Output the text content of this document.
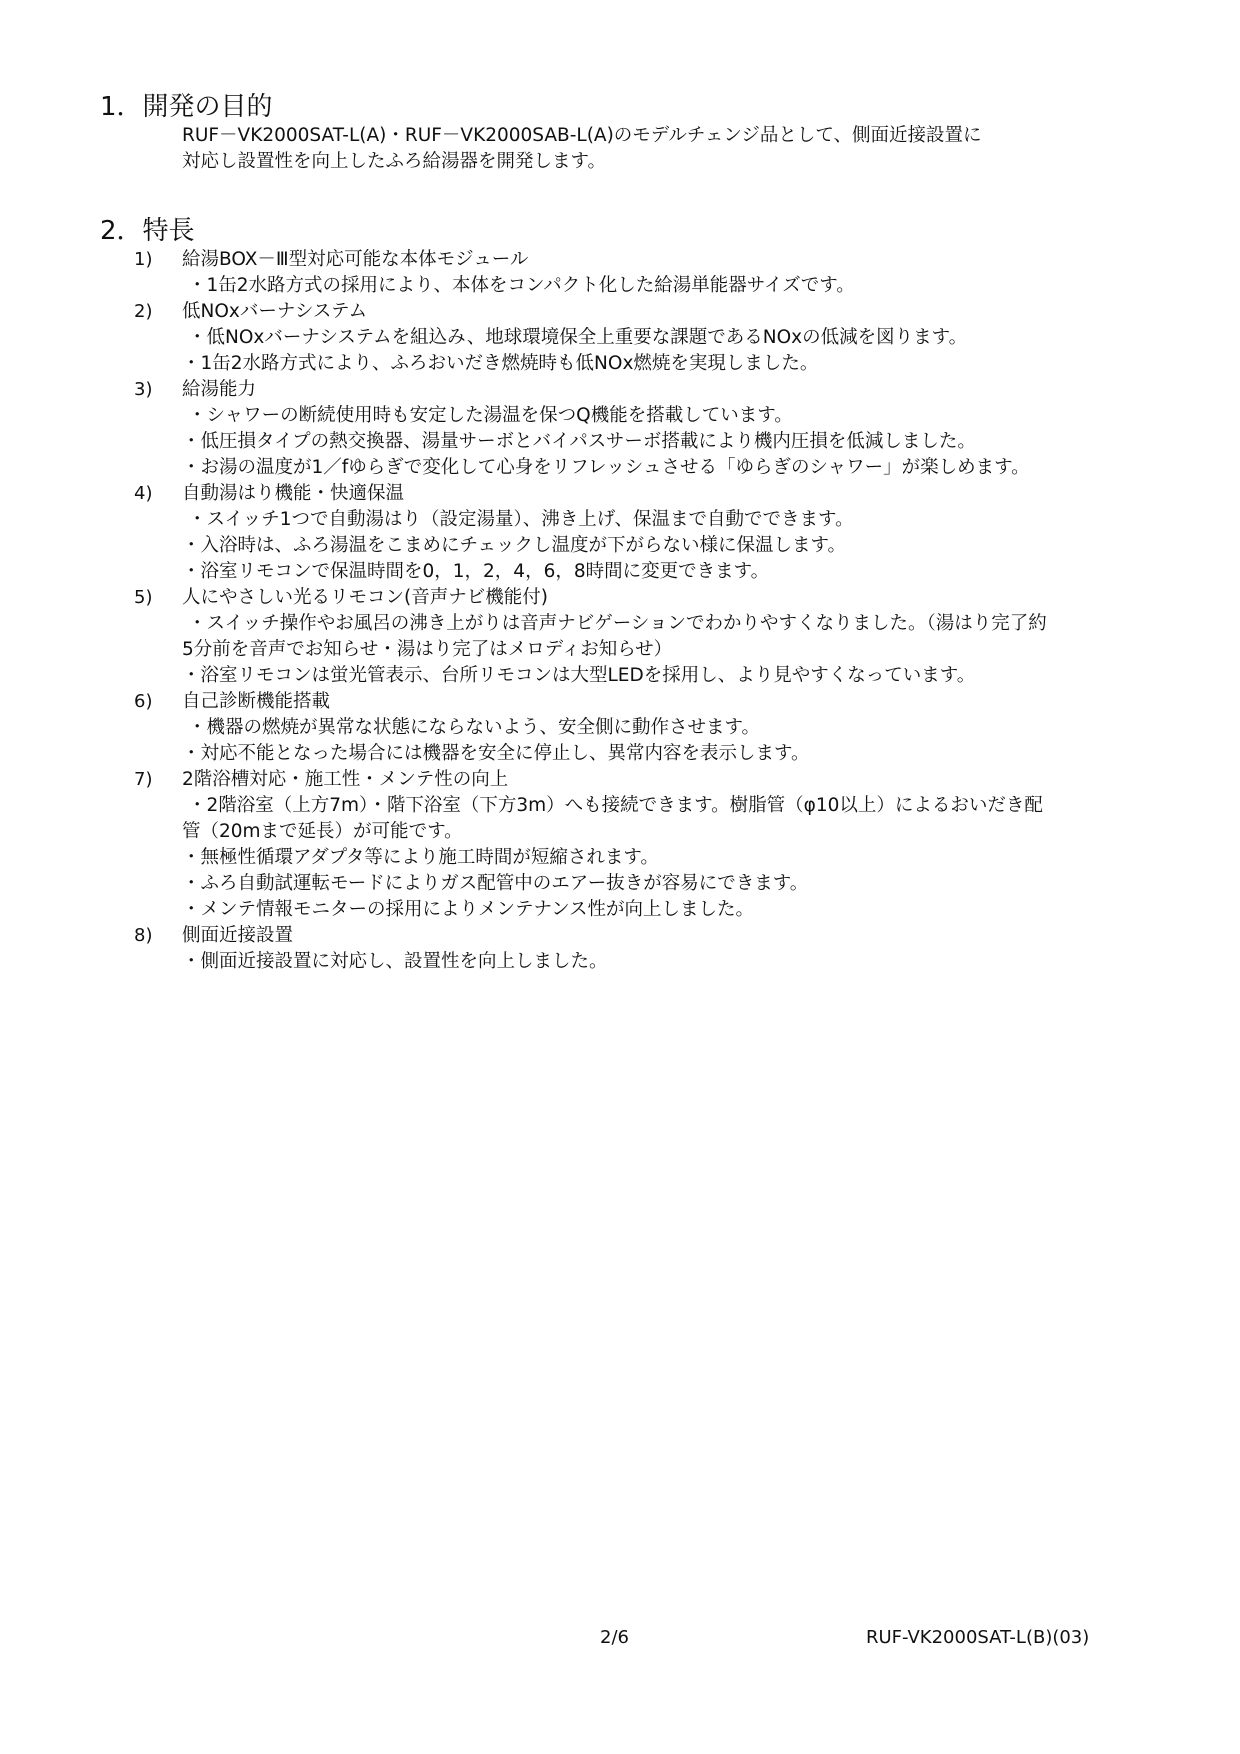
1．開発の目的
RUF－VK2000SAT-L(A)・RUF－VK2000SAB-L(A)のモデルチェンジ品として、側面近接設置に
対応し設置性を向上したふろ給湯器を開発します。
2．特長
1) 給湯BOX－Ⅲ型対応可能な本体モジュール
・1缶2水路方式の採用により、本体をコンパクト化した給湯単能器サイズです。
2) 低NOxバーナシステム
・低NOxバーナシステムを組込み、地球環境保全上重要な課題であるNOxの低減を図ります。
・1缶2水路方式により、ふろおいだき燃焼時も低NOx燃焼を実現しました。
3) 給湯能力
・シャワーの断続使用時も安定した湯温を保つQ機能を搭載しています。
・低圧損タイプの熱交換器、湯量サーボとバイパスサーボ搭載により機内圧損を低減しました。
・お湯の温度が1／fゆらぎで変化して心身をリフレッシュさせる「ゆらぎのシャワー」が楽しめます。
4) 自動湯はり機能・快適保温
・スイッチ1つで自動湯はり（設定湯量）、沸き上げ、保温まで自動でできます。
・入浴時は、ふろ湯温をこまめにチェックし温度が下がらない様に保温します。
・浴室リモコンで保温時間を0，1，2，4，6，8時間に変更できます。
5) 人にやさしい光るリモコン(音声ナビ機能付)
・スイッチ操作やお風呂の沸き上がりは音声ナビゲーションでわかりやすくなりました。（湯はり完了約
5分前を音声でお知らせ・湯はり完了はメロディお知らせ）
・浴室リモコンは蛍光管表示、台所リモコンは大型LEDを採用し、より見やすくなっています。
6) 自己診断機能搭載
・機器の燃焼が異常な状態にならないよう、安全側に動作させます。
・対応不能となった場合には機器を安全に停止し、異常内容を表示します。
7) 2階浴槽対応・施工性・メンテ性の向上
・2階浴室（上方7m）・階下浴室（下方3m）へも接続できます。樹脂管（φ10以上）によるおいだき配
管（20mまで延長）が可能です。
・無極性循環アダプタ等により施工時間が短縮されます。
・ふろ自動試運転モードによりガス配管中のエアー抜きが容易にできます。
・メンテ情報モニターの採用によりメンテナンス性が向上しました。
8) 側面近接設置
・側面近接設置に対応し、設置性を向上しました。
2/6	RUF-VK2000SAT-L(B)(03)
